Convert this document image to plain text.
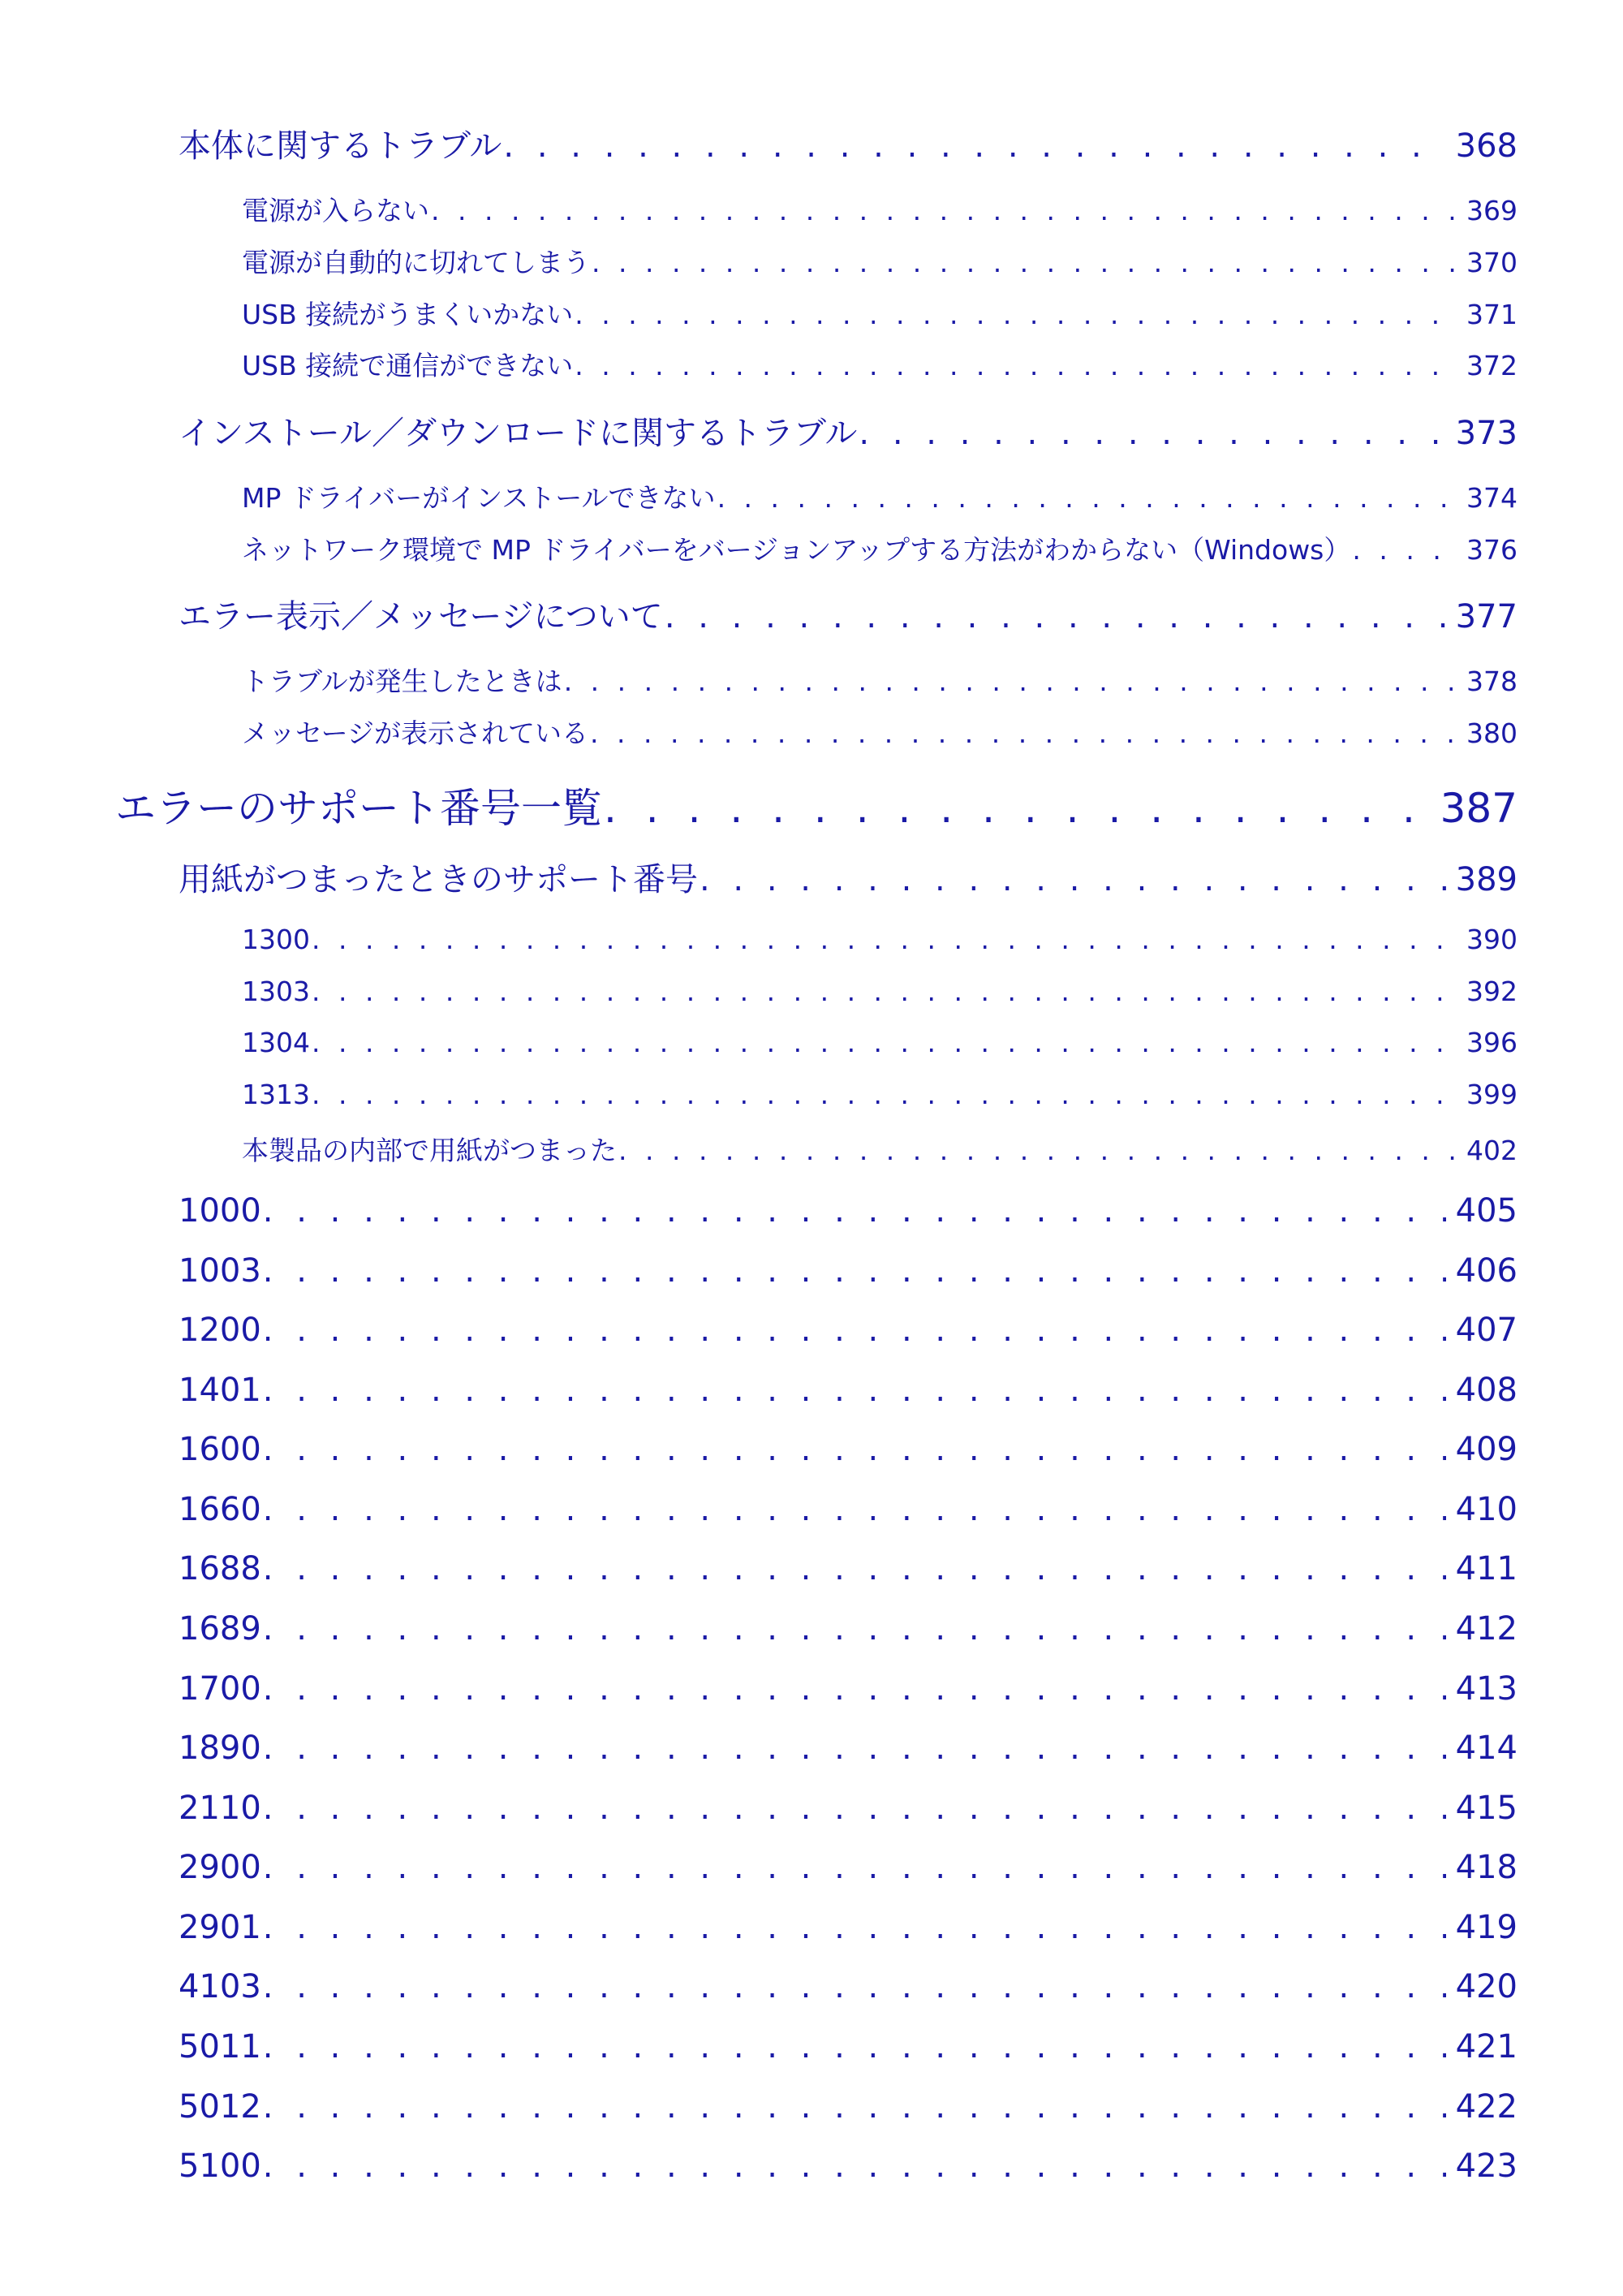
本体に関するトラブル . . .	368
電源が入らない . . .	369
電源が自動的に切れてしまう . . .	370
USB 接続がうまくいかない . . .	371
USB 接続で通信ができない . . .	372
インストール／ダウンロードに関するトラブル . . .	373
MP ドライバーがインストールできない . . .	374
ネットワーク環境で MP ドライバーをバージョンアップする方法がわからない（Windows） . . .	376
エラー表示／メッセージについて . . .	377
トラブルが発生したときは . . .	378
メッセージが表示されている . . .	380
エラーのサポート番号一覧 . . .	387
用紙がつまったときのサポート番号 . . .	389
1300 . . .	390
1303 . . .	392
1304 . . .	396
1313 . . .	399
本製品の内部で用紙がつまった . . .	402
1000 . . .	405
1003 . . .	406
1200 . . .	407
1401 . . .	408
1600 . . .	409
1660 . . .	410
1688 . . .	411
1689 . . .	412
1700 . . .	413
1890 . . .	414
2110 . . .	415
2900 . . .	418
2901 . . .	419
4103 . . .	420
5011 . . .	421
5012 . . .	422
5100 . . .	423
